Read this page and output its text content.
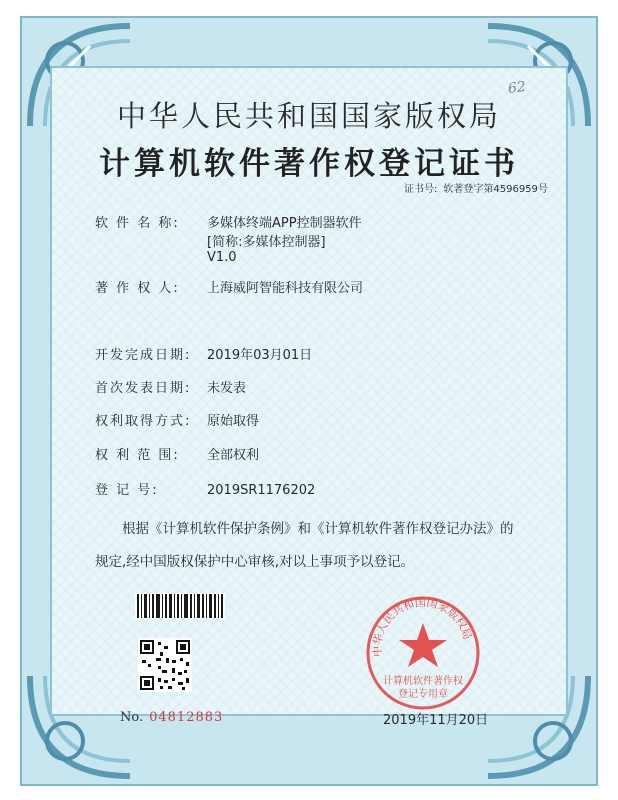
62
中华人民共和国国家版权局
计算机软件著作权登记证书
证书号: 软著登字第4596959号
软 件 名 称: 多媒体终端APP控制器软件
[简称:多媒体控制器]
V1.0
著 作 权 人: 上海威阿智能科技有限公司
开发完成日期: 2019年03月01日
首次发表日期: 未发表
权利取得方式: 原始取得
权 利 范 围: 全部权利
登 记 号:	2019SR1176202
根据《计算机软件保护条例》和《计算机软件著作权登记办法》的
规定,经中国版权保护中心审核,对以上事项予以登记。
No. 04812883
中华人民共和国国家版权局
计算机软件著作权
登记专用章
2019年11月20日
